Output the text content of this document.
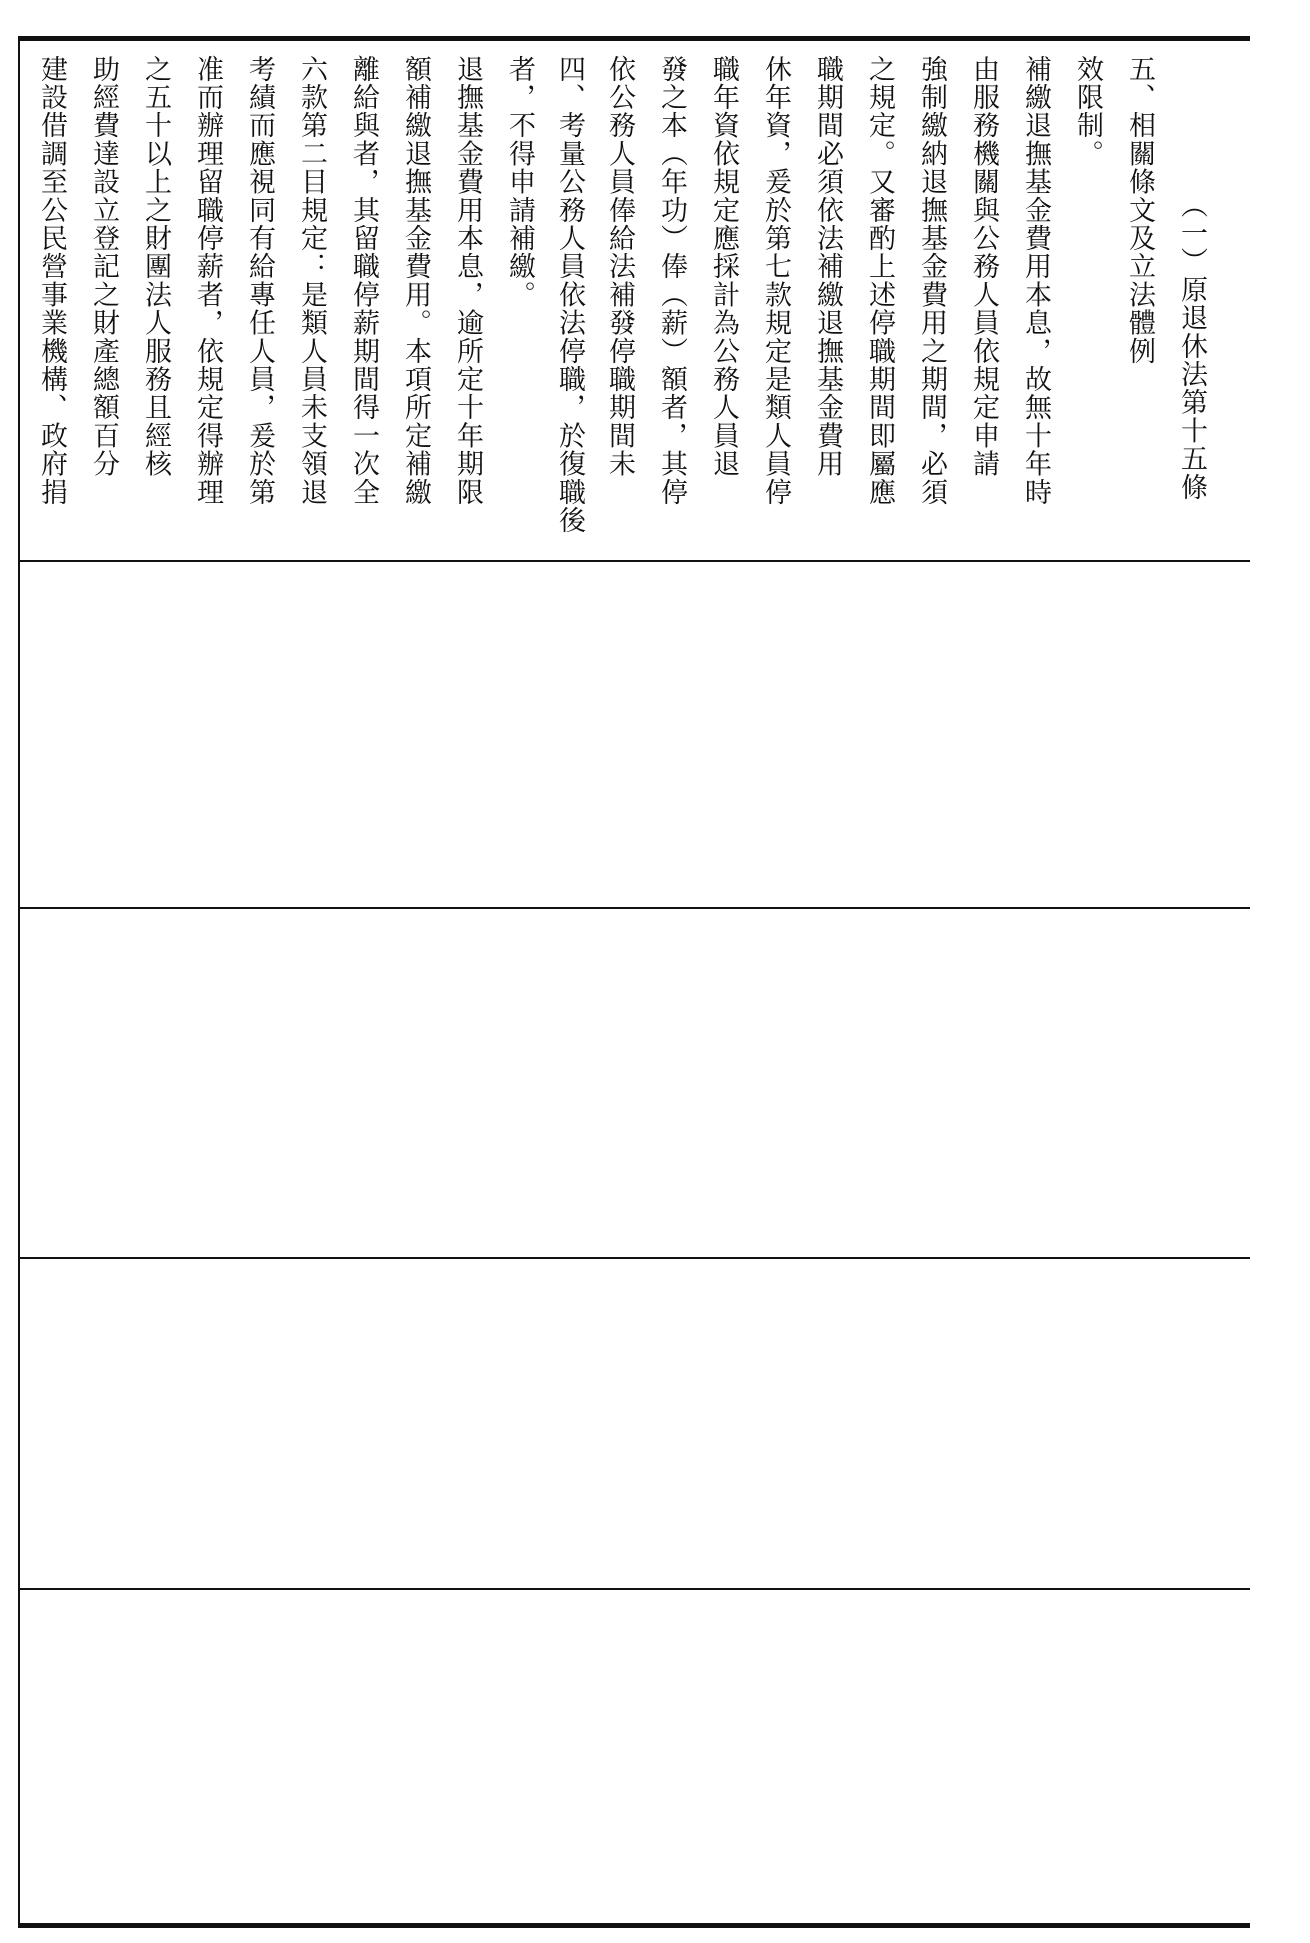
建設借調至公民營事業機構、政府捐 助經費達設立登記之財產總額百分 之五十以上之財團法人服務且經核 准而辦理留職停薪者，依規定得辦理 考績而應視同有給專任人員，爰於第 六款第二目規定：是類人員未支領退 離給與者，其留職停薪期間得一次全 額補繳退撫基金費用。本項所定補繳 退撫基金費用本息，逾所定十年期限 者，不得申請補繳。 四、考量公務人員依法停職，於復職後 依公務人員俸給法補發停職期間未 發之本（年功）俸（薪）額者，其停 職年資依規定應採計為公務人員退 休年資，爰於第七款規定是類人員停 職期間必須依法補繳退撫基金費用 之規定。又審酌上述停職期間即屬應 強制繳納退撫基金費用之期間，必須 由服務機關與公務人員依規定申請 補繳退撫基金費用本息，故無十年時 效限制。 五、相關條文及立法體例 （一）原退休法第十五條
